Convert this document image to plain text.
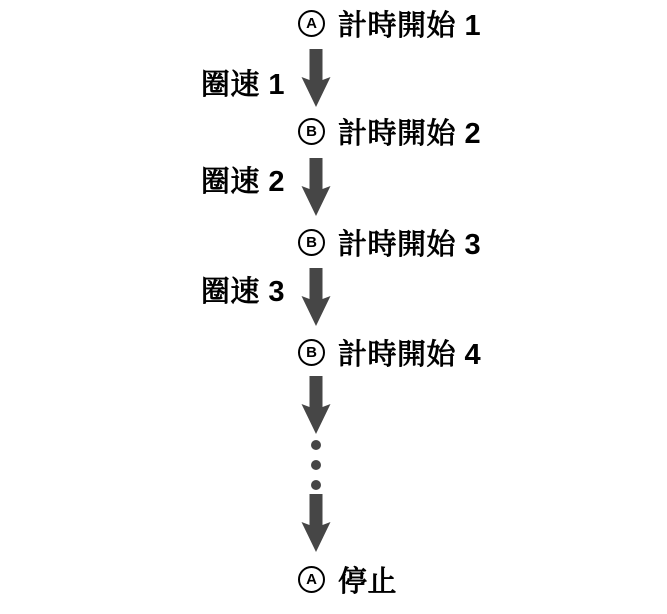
A 計時開始 1
B 計時開始 2
B 計時開始 3
B 計時開始 4
A 停止
圈速 1
圈速 2
圈速 3
